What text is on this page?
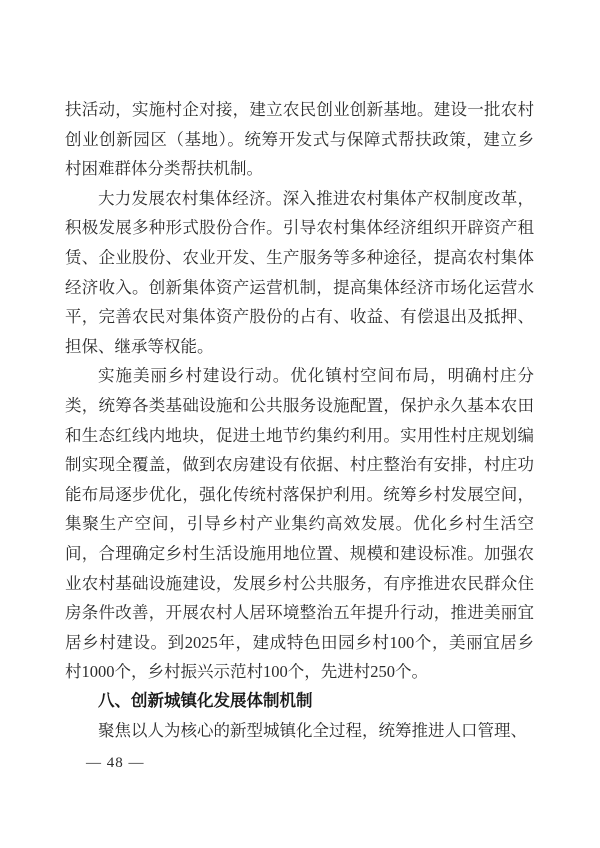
扶活动，实施村企对接，建立农民创业创新基地。建设一批农村创业创新园区（基地）。统筹开发式与保障式帮扶政策，建立乡村困难群体分类帮扶机制。

大力发展农村集体经济。深入推进农村集体产权制度改革，积极发展多种形式股份合作。引导农村集体经济组织开辟资产租赁、企业股份、农业开发、生产服务等多种途径，提高农村集体经济收入。创新集体资产运营机制，提高集体经济市场化运营水平，完善农民对集体资产股份的占有、收益、有偿退出及抵押、担保、继承等权能。

实施美丽乡村建设行动。优化镇村空间布局，明确村庄分类，统筹各类基础设施和公共服务设施配置，保护永久基本农田和生态红线内地块，促进土地节约集约利用。实用性村庄规划编制实现全覆盖，做到农房建设有依据、村庄整治有安排，村庄功能布局逐步优化，强化传统村落保护利用。统筹乡村发展空间，集聚生产空间，引导乡村产业集约高效发展。优化乡村生活空间，合理确定乡村生活设施用地位置、规模和建设标准。加强农业农村基础设施建设，发展乡村公共服务，有序推进农民群众住房条件改善，开展农村人居环境整治五年提升行动，推进美丽宜居乡村建设。到2025年，建成特色田园乡村100个，美丽宜居乡村1000个，乡村振兴示范村100个，先进村250个。

八、创新城镇化发展体制机制

聚焦以人为核心的新型城镇化全过程，统筹推进人口管理、

— 48 —
